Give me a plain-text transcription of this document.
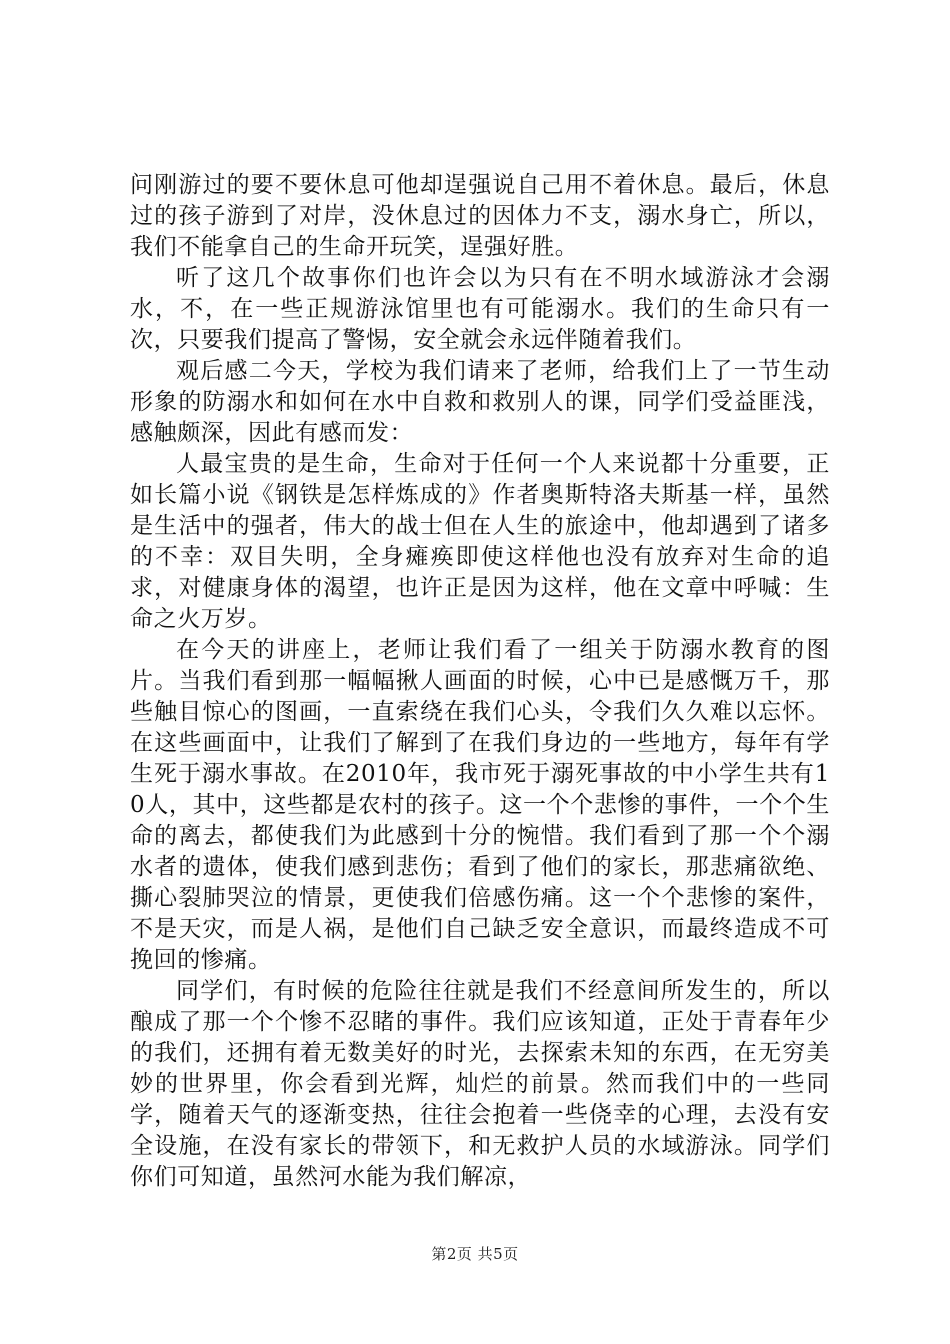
问刚游过的要不要休息可他却逞强说自己用不着休息。最后，休息过的孩子游到了对岸，没休息过的因体力不支，溺水身亡，所以，我们不能拿自己的生命开玩笑，逞强好胜。

听了这几个故事你们也许会以为只有在不明水域游泳才会溺水，不，在一些正规游泳馆里也有可能溺水。我们的生命只有一次，只要我们提高了警惕，安全就会永远伴随着我们。

观后感二今天，学校为我们请来了老师，给我们上了一节生动形象的防溺水和如何在水中自救和救别人的课，同学们受益匪浅，感触颇深，因此有感而发：

人最宝贵的是生命，生命对于任何一个人来说都十分重要，正如长篇小说《钢铁是怎样炼成的》作者奥斯特洛夫斯基一样，虽然是生活中的强者，伟大的战士但在人生的旅途中，他却遇到了诸多的不幸：双目失明，全身瘫痪即使这样他也没有放弃对生命的追求，对健康身体的渴望，也许正是因为这样，他在文章中呼喊：生命之火万岁。

在今天的讲座上，老师让我们看了一组关于防溺水教育的图片。当我们看到那一幅幅揪人画面的时候，心中已是感慨万千，那些触目惊心的图画，一直索绕在我们心头，令我们久久难以忘怀。在这些画面中，让我们了解到了在我们身边的一些地方，每年有学生死于溺水事故。在2010年，我市死于溺死事故的中小学生共有10人，其中，这些都是农村的孩子。这一个个悲惨的事件，一个个生命的离去，都使我们为此感到十分的惋惜。我们看到了那一个个溺水者的遗体，使我们感到悲伤；看到了他们的家长，那悲痛欲绝、撕心裂肺哭泣的情景，更使我们倍感伤痛。这一个个悲惨的案件，不是天灾，而是人祸，是他们自己缺乏安全意识，而最终造成不可挽回的惨痛。

同学们，有时候的危险往往就是我们不经意间所发生的，所以酿成了那一个个惨不忍睹的事件。我们应该知道，正处于青春年少的我们，还拥有着无数美好的时光，去探索未知的东西，在无穷美妙的世界里，你会看到光辉，灿烂的前景。然而我们中的一些同学，随着天气的逐渐变热，往往会抱着一些侥幸的心理，去没有安全设施，在没有家长的带领下，和无救护人员的水域游泳。同学们你们可知道，虽然河水能为我们解凉，

第2页 共5页
